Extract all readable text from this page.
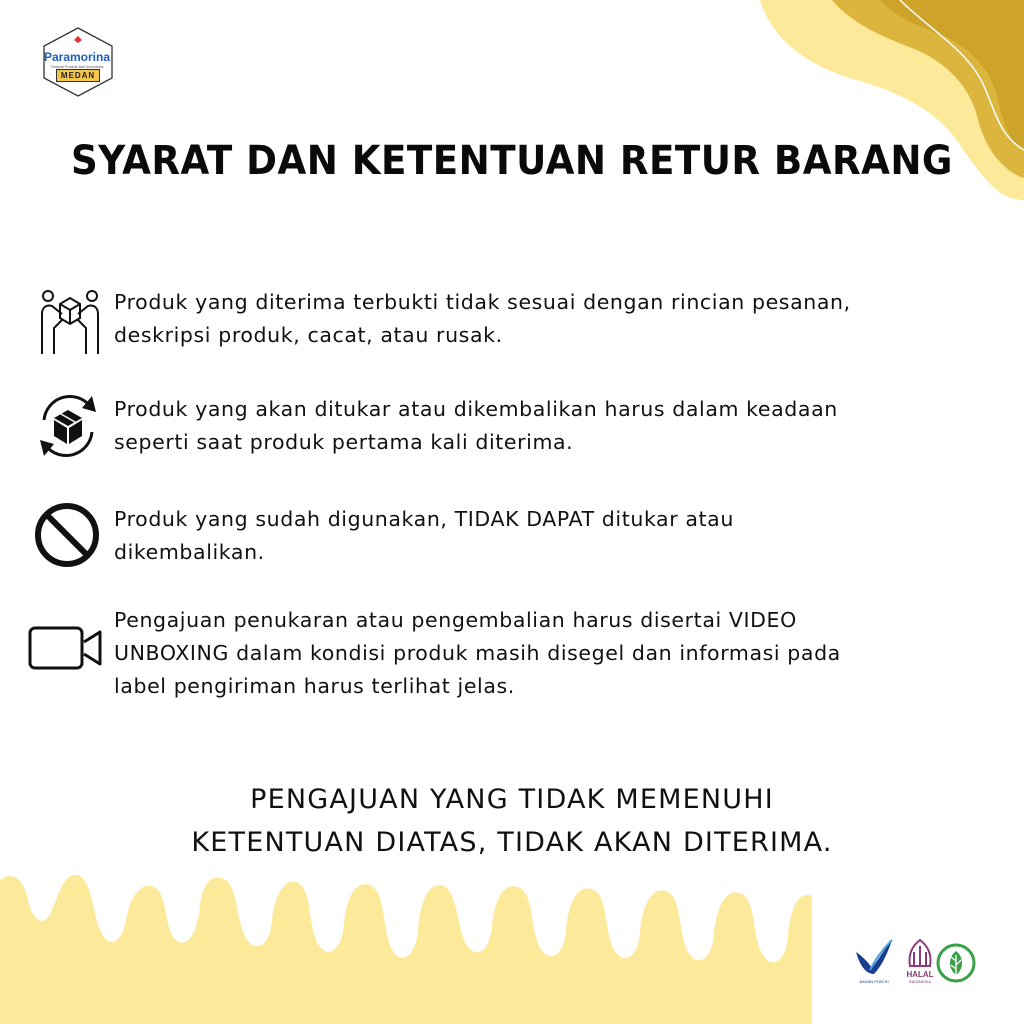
Paramorina
Tempat Produk Asli Indonesia
MEDAN
SYARAT DAN KETENTUAN RETUR BARANG
Produk yang diterima terbukti tidak sesuai dengan rincian pesanan,
deskripsi produk, cacat, atau rusak.
Produk yang akan ditukar atau dikembalikan harus dalam keadaan
seperti saat produk pertama kali diterima.
Produk yang sudah digunakan, TIDAK DAPAT ditukar atau
dikembalikan.
Pengajuan penukaran atau pengembalian harus disertai VIDEO
UNBOXING dalam kondisi produk masih disegel dan informasi pada
label pengiriman harus terlihat jelas.
PENGAJUAN YANG TIDAK MEMENUHI
KETENTUAN DIATAS, TIDAK AKAN DITERIMA.
BADAN POM RI
HALAL
INDONESIA
